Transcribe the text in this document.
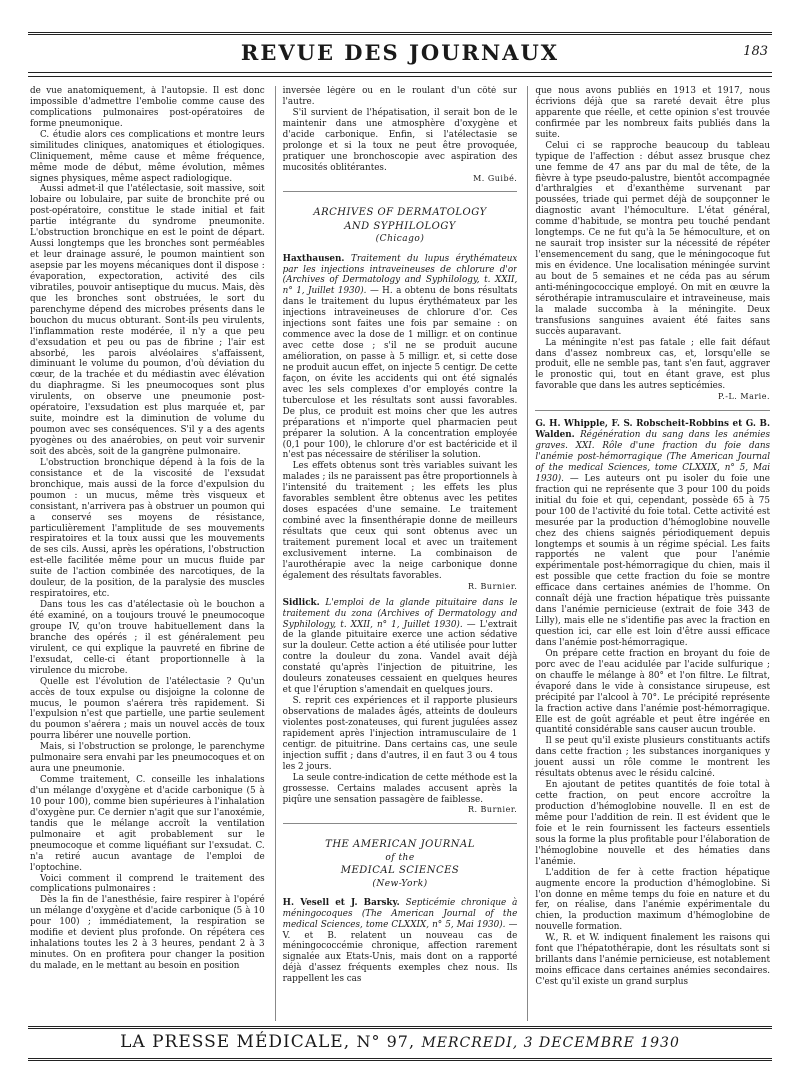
REVUE DES JOURNAUX	183

de vue anatomiquement, à l'autopsie. Il est donc impossible d'admettre l'embolie comme cause des complications pulmonaires post-opératoires de forme pneumonique.

C. étudie alors ces complications et montre leurs similitudes cliniques, anatomiques et étiologiques. Cliniquement, même cause et même fréquence, même mode de début, même évolution, mêmes signes physiques, même aspect radiologique.

Aussi admet-il que l'atélectasie, soit massive, soit lobaire ou lobulaire, par suite de bronchite pré ou post-opératoire, constitue le stade initial et fait partie intégrante du syndrome pneumonite. L'obstruction bronchique en est le point de départ. Aussi longtemps que les bronches sont perméables et leur drainage assuré, le poumon maintient son asepsie par les moyens mécaniques dont il dispose : évaporation, expectoration, activité des cils vibratiles, pouvoir antiseptique du mucus. Mais, dès que les bronches sont obstruées, le sort du parenchyme dépend des microbes présents dans le bouchon du mucus obturant. Sont-ils peu virulents, l'inflammation reste modérée, il n'y a que peu d'exsudation et peu ou pas de fibrine ; l'air est absorbé, les parois alvéolaires s'affaissent, diminuant le volume du poumon, d'où déviation du cœur, de la trachée et du médiastin avec élévation du diaphragme. Si les pneumocoques sont plus virulents, on observe une pneumonie post-opératoire, l'exsudation est plus marquée et, par suite, moindre est la diminution de volume du poumon avec ses conséquences. S'il y a des agents pyogènes ou des anaérobies, on peut voir survenir soit des abcès, soit de la gangrène pulmonaire.

L'obstruction bronchique dépend à la fois de la consistance et de la viscosité de l'exsudat bronchique, mais aussi de la force d'expulsion du poumon : un mucus, même très visqueux et consistant, n'arrivera pas à obstruer un poumon qui a conservé ses moyens de résistance, particulièrement l'amplitude de ses mouvements respiratoires et la toux aussi que les mouvements de ses cils. Aussi, après les opérations, l'obstruction est-elle facilitée même pour un mucus fluide par suite de l'action combinée des narcotiques, de la douleur, de la position, de la paralysie des muscles respiratoires, etc.

Dans tous les cas d'atélectasie où le bouchon a été examiné, on a toujours trouvé le pneumocoque groupe IV, qu'on trouve habituellement dans la branche des opérés ; il est généralement peu virulent, ce qui explique la pauvreté en fibrine de l'exsudat, celle-ci étant proportionnelle à la virulence du microbe.

Quelle est l'évolution de l'atélectasie ? Qu'un accès de toux expulse ou disjoigne la colonne de mucus, le poumon s'aérera très rapidement. Si l'expulsion n'est que partielle, une partie seulement du poumon s'aérera ; mais un nouvel accès de toux pourra libérer une nouvelle portion.

Mais, si l'obstruction se prolonge, le parenchyme pulmonaire sera envahi par les pneumocoques et on aura une pneumonie.

Comme traitement, C. conseille les inhalations d'un mélange d'oxygène et d'acide carbonique (5 à 10 pour 100), comme bien supérieures à l'inhalation d'oxygène pur. Ce dernier n'agit que sur l'anoxémie, tandis que le mélange accroît la ventilation pulmonaire et agit probablement sur le pneumocoque et comme liquéfiant sur l'exsudat. C. n'a retiré aucun avantage de l'emploi de l'optochine.

Voici comment il comprend le traitement des complications pulmonaires :

Dès la fin de l'anesthésie, faire respirer à l'opéré un mélange d'oxygène et d'acide carbonique (5 à 10 pour 100) ; immédiatement, la respiration se modifie et devient plus profonde. On répétera ces inhalations toutes les 2 à 3 heures, pendant 2 à 3 minutes. On en profitera pour changer la position du malade, en le mettant au besoin en position

inversée légère ou en le roulant d'un côté sur l'autre.

S'il survient de l'hépatisation, il serait bon de le maintenir dans une atmosphère d'oxygène et d'acide carbonique. Enfin, si l'atélectasie se prolonge et si la toux ne peut être provoquée, pratiquer une bronchoscopie avec aspiration des mucosités oblitérantes.

M. Guibé.

ARCHIVES OF DERMATOLOGY
AND SYPHILOLOGY
(Chicago)

Haxthausen. Traitement du lupus érythémateux par les injections intraveineuses de chlorure d'or (Archives of Dermatology and Syphilology, t. XXII, n° 1, Juillet 1930). — H. a obtenu de bons résultats dans le traitement du lupus érythémateux par les injections intraveineuses de chlorure d'or. Ces injections sont faites une fois par semaine : on commence avec la dose de 1 milligr. et on continue avec cette dose ; s'il ne se produit aucune amélioration, on passe à 5 milligr. et, si cette dose ne produit aucun effet, on injecte 5 centigr. De cette façon, on évite les accidents qui ont été signalés avec les sels complexes d'or employés contre la tuberculose et les résultats sont aussi favorables. De plus, ce produit est moins cher que les autres préparations et n'importe quel pharmacien peut préparer la solution. A la concentration employée (0,1 pour 100), le chlorure d'or est bactéricide et il n'est pas nécessaire de stériliser la solution.

Les effets obtenus sont très variables suivant les malades ; ils ne paraissent pas être proportionnels à l'intensité du traitement ; les effets les plus favorables semblent être obtenus avec les petites doses espacées d'une semaine. Le traitement combiné avec la finsenthérapie donne de meilleurs résultats que ceux qui sont obtenus avec un traitement purement local et avec un traitement exclusivement interne. La combinaison de l'aurothérapie avec la neige carbonique donne également des résultats favorables.

R. Burnier.

Sidlick. L'emploi de la glande pituitaire dans le traitement du zona (Archives of Dermatology and Syphilology, t. XXII, n° 1, Juillet 1930). — L'extrait de la glande pituitaire exerce une action sédative sur la douleur. Cette action a été utilisée pour lutter contre la douleur du zona. Vandel avait déjà constaté qu'après l'injection de pituitrine, les douleurs zonateuses cessaient en quelques heures et que l'éruption s'amendait en quelques jours.

S. reprit ces expériences et il rapporte plusieurs observations de malades âgés, atteints de douleurs violentes post-zonateuses, qui furent jugulées assez rapidement après l'injection intramusculaire de 1 centigr. de pituitrine. Dans certains cas, une seule injection suffit ; dans d'autres, il en faut 3 ou 4 tous les 2 jours.

La seule contre-indication de cette méthode est la grossesse. Certains malades accusent après la piqûre une sensation passagère de faiblesse.

R. Burnier.

THE AMERICAN JOURNAL
of the
MEDICAL SCIENCES
(New-York)

H. Vesell et J. Barsky. Septicémie chronique à méningocoques (The American Journal of the medical Sciences, tome CLXXIX, n° 5, Mai 1930). — V. et B. relatent un nouveau cas de méningococcémie chronique, affection rarement signalée aux Etats-Unis, mais dont on a rapporté déjà d'assez fréquents exemples chez nous. Ils rappellent les cas

que nous avons publiés en 1913 et 1917, nous écrivions déjà que sa rareté devait être plus apparente que réelle, et cette opinion s'est trouvée confirmée par les nombreux faits publiés dans la suite.

Celui ci se rapproche beaucoup du tableau typique de l'affection : début assez brusque chez une femme de 47 ans par du mal de tête, de la fièvre à type pseudo-palustre, bientôt accompagnée d'arthralgies et d'exanthème survenant par poussées, triade qui permet déjà de soupçonner le diagnostic avant l'hémoculture. L'état général, comme d'habitude, se montra peu touché pendant longtemps. Ce ne fut qu'à la 5e hémoculture, et on ne saurait trop insister sur la nécessité de répéter l'ensemencement du sang, que le méningocoque fut mis en évidence. Une localisation méningée survint au bout de 5 semaines et ne céda pas au sérum anti-méningococcique employé. On mit en œuvre la sérothérapie intramusculaire et intraveineuse, mais la malade succomba à la méningite. Deux transfusions sanguines avaient été faites sans succès auparavant.

La méningite n'est pas fatale ; elle fait défaut dans d'assez nombreux cas, et, lorsqu'elle se produit, elle ne semble pas, tant s'en faut, aggraver le pronostic qui, tout en étant grave, est plus favorable que dans les autres septicémies.

P.-L. Marie.

G. H. Whipple, F. S. Robscheit-Robbins et G. B. Walden. Régénération du sang dans les anémies graves. XXI. Rôle d'une fraction du foie dans l'anémie post-hémorragique (The American Journal of the medical Sciences, tome CLXXIX, n° 5, Mai 1930). — Les auteurs ont pu isoler du foie une fraction qui ne représente que 3 pour 100 du poids initial du foie et qui, cependant, possède 65 à 75 pour 100 de l'activité du foie total. Cette activité est mesurée par la production d'hémoglobine nouvelle chez des chiens saignés périodiquement depuis longtemps et soumis à un régime spécial. Les faits rapportés ne valent que pour l'anémie expérimentale post-hémorragique du chien, mais il est possible que cette fraction du foie se montre efficace dans certaines anémies de l'homme. On connaît déjà une fraction hépatique très puissante dans l'anémie pernicieuse (extrait de foie 343 de Lilly), mais elle ne s'identifie pas avec la fraction en question ici, car elle est loin d'être aussi efficace dans l'anémie post-hémorragique.

On prépare cette fraction en broyant du foie de porc avec de l'eau acidulée par l'acide sulfurique ; on chauffe le mélange à 80° et l'on filtre. Le filtrat, évaporé dans le vide à consistance sirupeuse, est précipité par l'alcool à 70°. Le précipité représente la fraction active dans l'anémie post-hémorragique. Elle est de goût agréable et peut être ingérée en quantité considérable sans causer aucun trouble.

Il se peut qu'il existe plusieurs constituants actifs dans cette fraction ; les substances inorganiques y jouent aussi un rôle comme le montrent les résultats obtenus avec le résidu calciné.

En ajoutant de petites quantités de foie total à cette fraction, on peut encore accroître la production d'hémoglobine nouvelle. Il en est de même pour l'addition de rein. Il est évident que le foie et le rein fournissent les facteurs essentiels sous la forme la plus profitable pour l'élaboration de l'hémoglobine nouvelle et des hématies dans l'anémie.

L'addition de fer à cette fraction hépatique augmente encore la production d'hémoglobine. Si l'on donne en même temps du foie en nature et du fer, on réalise, dans l'anémie expérimentale du chien, la production maximum d'hémoglobine de nouvelle formation.

W., R. et W. indiquent finalement les raisons qui font que l'hépatothérapie, dont les résultats sont si brillants dans l'anémie pernicieuse, est notablement moins efficace dans certaines anémies secondaires. C'est qu'il existe un grand surplus

LA PRESSE MÉDICALE, N° 97, MERCREDI, 3 DECEMBRE 1930
